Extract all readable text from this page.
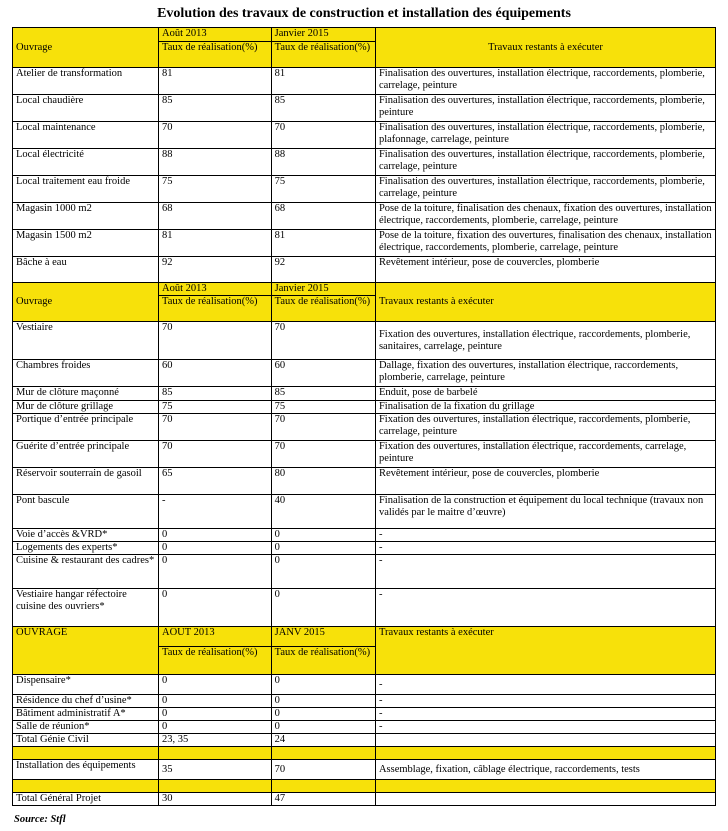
Evolution des travaux de construction et installation des équipements
Ouvrage	Août 2013	Janvier 2015	Travaux restants à exécuter
	Taux de réalisation(%)	Taux de réalisation(%)	
Atelier de transformation	81	81	Finalisation des ouvertures, installation électrique, raccordements, plomberie, carrelage, peinture
Local chaudière	85	85	Finalisation des ouvertures, installation électrique, raccordements, plomberie, peinture
Local maintenance	70	70	Finalisation des ouvertures, installation électrique, raccordements, plomberie, plafonnage, carrelage, peinture
Local électricité	88	88	Finalisation des ouvertures, installation électrique, raccordements, plomberie, carrelage, peinture
Local traitement eau froide	75	75	Finalisation des ouvertures, installation électrique, raccordements, plomberie, carrelage, peinture
Magasin 1000 m2	68	68	Pose de la toiture, finalisation des chenaux, fixation des ouvertures, installation électrique, raccordements, plomberie, carrelage, peinture
Magasin 1500 m2	81	81	Pose de la toiture, fixation des ouvertures, finalisation des chenaux, installation électrique, raccordements, plomberie, carrelage, peinture
Bâche à eau	92	92	Revêtement intérieur, pose de couvercles, plomberie
Ouvrage	Août 2013	Janvier 2015	Travaux restants à exécuter
	Taux de réalisation(%)	Taux de réalisation(%)	
Vestiaire	70	70	Fixation des ouvertures, installation électrique, raccordements, plomberie, sanitaires, carrelage, peinture
Chambres froides	60	60	Dallage, fixation des ouvertures, installation électrique, raccordements, plomberie, carrelage, peinture
Mur de clôture maçonné	85	85	Enduit, pose de barbelé
Mur de clôture grillage	75	75	Finalisation de la fixation du grillage
Portique d’entrée principale	70	70	Fixation des ouvertures, installation électrique, raccordements, plomberie, carrelage, peinture
Guérite d’entrée principale	70	70	Fixation des ouvertures, installation électrique, raccordements, carrelage, peinture
Réservoir souterrain de gasoil	65	80	Revêtement intérieur, pose de couvercles, plomberie
Pont bascule	-	40	Finalisation de la construction et équipement du local technique (travaux non validés par le maitre d’œuvre)
Voie d’accès &VRD*	0	0	-
Logements des experts*	0	0	-
Cuisine & restaurant des cadres*	0	0	-
Vestiaire hangar réfectoire cuisine des ouvriers*	0	0	-
OUVRAGE	AOUT 2013	JANV 2015	Travaux restants à exécuter
	Taux de réalisation(%)	Taux de réalisation(%)	
Dispensaire*	0	0	-
Résidence du chef d’usine*	0	0	-
Bâtiment administratif A*	0	0	-
Salle de réunion*	0	0	-
Total Génie Civil	23, 35	24	

Installation des équipements	35	70	Assemblage, fixation, câblage électrique, raccordements, tests

Total Général Projet	30	47	
Source: Stfl
